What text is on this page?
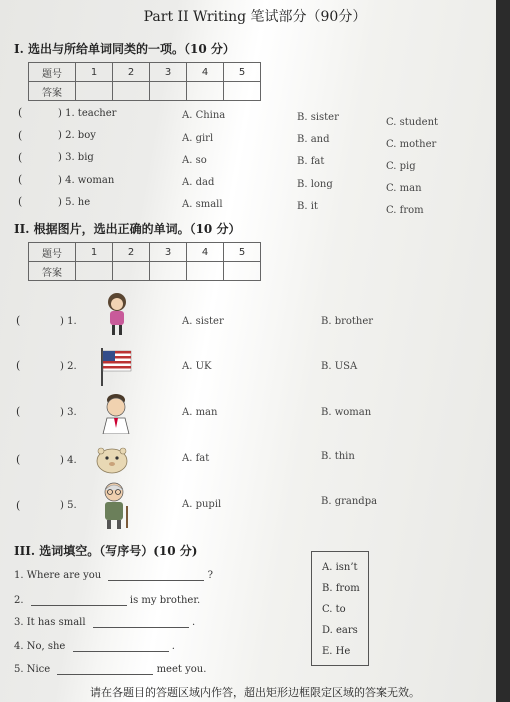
Part II Writing 笔试部分（90分）
I. 选出与所给单词同类的一项。（10 分）
题号	1	2	3	4	5
答案					
(	) 1. teacher	A. China	B. sister	C. student
(	) 2. boy	A. girl	B. and	C. mother
(	) 3. big	A. so	B. fat	C. pig
(	) 4. woman	A. dad	B. long	C. man
(	) 5. he	A. small	B. it	C. from
II. 根据图片，选出正确的单词。（10 分）
题号	1	2	3	4	5
答案					
(	) 1.	A. sister	B. brother
(	) 2.	A. UK	B. USA
(	) 3.	A. man	B. woman
(	) 4.	A. fat	B. thin
(	) 5.	A. pupil	B. grandpa
III. 选词填空。（写序号）(10 分)
1. Where are you	?
2.	is my brother.
3. It has small	.
4. No, she	.
5. Nice	meet you.
A. isn’t
B. from
C. to
D. ears
E. He
请在各题目的答题区域内作答，超出矩形边框限定区域的答案无效。
